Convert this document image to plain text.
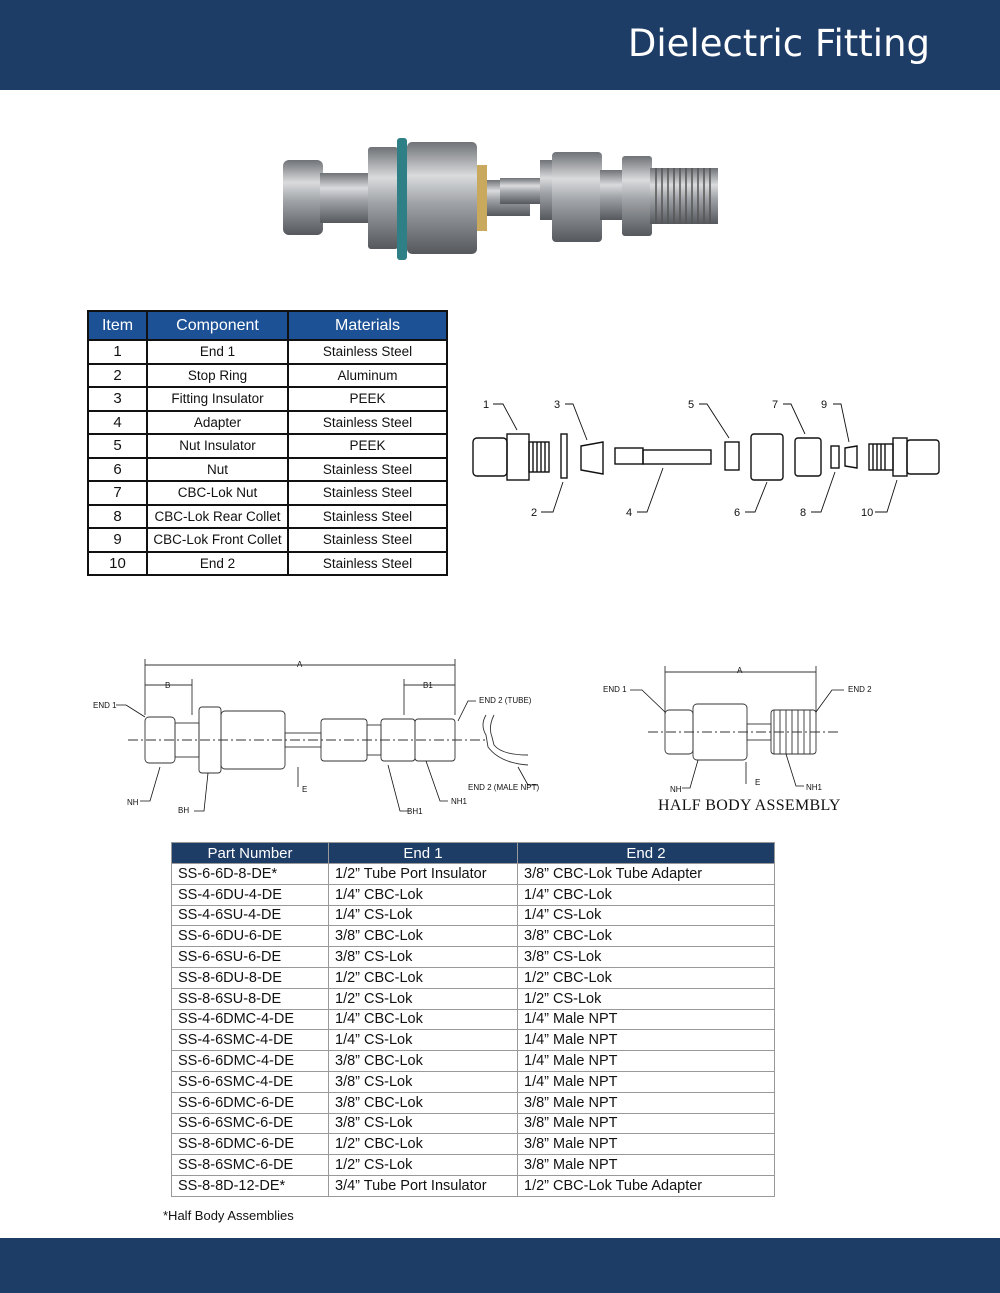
Dielectric Fitting
Item	Component	Materials
1	End 1	Stainless Steel
2	Stop Ring	Aluminum
3	Fitting Insulator	PEEK
4	Adapter	Stainless Steel
5	Nut Insulator	PEEK
6	Nut	Stainless Steel
7	CBC-Lok Nut	Stainless Steel
8	CBC-Lok Rear Collet	Stainless Steel
9	CBC-Lok Front Collet	Stainless Steel
10	End 2	Stainless Steel
1	3	5	7	9
2	4	6	8	10
A
B	B1
END 1
END 2 (TUBE)
END 2 (MALE NPT)
NH
BH
E
BH1
NH1
A
END 1	END 2
NH
E
NH1
HALF BODY ASSEMBLY
Part Number	End 1	End 2
SS-6-6D-8-DE*	1/2” Tube Port Insulator	3/8” CBC-Lok Tube Adapter
SS-4-6DU-4-DE	1/4” CBC-Lok	1/4” CBC-Lok
SS-4-6SU-4-DE	1/4” CS-Lok	1/4” CS-Lok
SS-6-6DU-6-DE	3/8” CBC-Lok	3/8” CBC-Lok
SS-6-6SU-6-DE	3/8” CS-Lok	3/8” CS-Lok
SS-8-6DU-8-DE	1/2” CBC-Lok	1/2” CBC-Lok
SS-8-6SU-8-DE	1/2” CS-Lok	1/2” CS-Lok
SS-4-6DMC-4-DE	1/4” CBC-Lok	1/4” Male NPT
SS-4-6SMC-4-DE	1/4” CS-Lok	1/4” Male NPT
SS-6-6DMC-4-DE	3/8” CBC-Lok	1/4” Male NPT
SS-6-6SMC-4-DE	3/8” CS-Lok	1/4” Male NPT
SS-6-6DMC-6-DE	3/8” CBC-Lok	3/8” Male NPT
SS-6-6SMC-6-DE	3/8” CS-Lok	3/8” Male NPT
SS-8-6DMC-6-DE	1/2” CBC-Lok	3/8” Male NPT
SS-8-6SMC-6-DE	1/2” CS-Lok	3/8” Male NPT
SS-8-8D-12-DE*	3/4” Tube Port Insulator	1/2” CBC-Lok Tube Adapter
*Half Body Assemblies
